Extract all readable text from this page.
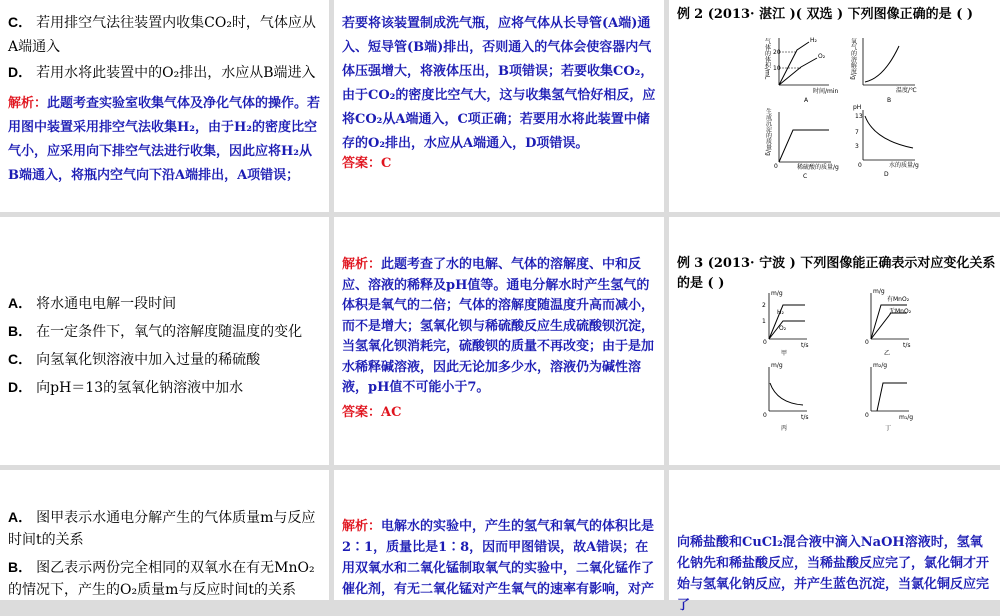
C． 若用排空气法往装置内收集CO₂时，气体应从A端通入
D． 若用水将此装置中的O₂排出，水应从B端进入
解析：此题考查实验室收集气体及净化气体的操作。若用图中装置采用排空气法收集H₂，由于H₂的密度比空气小，应采用向下排空气法进行收集，因此应将H₂从B端通入，将瓶内空气向下沿A端排出，A项错误；
若要将该装置制成洗气瓶，应将气体从长导管(A端)通入、短导管(B端)排出，否则通入的气体会使容器内气体压强增大，将液体压出，B项错误；若要收集CO₂，由于CO₂的密度比空气大，这与收集氢气恰好相反，应将CO₂从A端通入，C项正确；若要用水将此装置中储存的O₂排出，水应从A端通入，D项错误。
答案：C
例 2 (2013· 湛江 )( 双选 ) 下列图像正确的是 ( )
气体的体积/mL 20
10
H₂
O₂
时间/min
A
氧气的溶解度/g
温度/℃
B
生成沉淀的质量/g
0	稀硫酸的质量/g
C
pH
13
7
3
0	水的质量/g
D
A． 将水通电电解一段时间
B． 在一定条件下，氧气的溶解度随温度的变化
C． 向氢氧化钡溶液中加入过量的稀硫酸
D． 向pH＝13的氢氧化钠溶液中加水
解析：此题考查了水的电解、气体的溶解度、中和反应、溶液的稀释及pH值等。通电分解水时产生氢气的体积是氧气的二倍；气体的溶解度随温度升高而减小，而不是增大；氢氧化钡与稀硫酸反应生成硫酸钡沉淀，当氢氧化钡消耗完，硫酸钡的质量不再改变；由于是加水稀释碱溶液，因此无论加多少水，溶液仍为碱性溶液，pH值不可能小于7。
答案：AC
例 3 (2013· 宁波 ) 下列图像能正确表示对应变化关系的是 ( )
m/g
2
1
H₂
O₂
0	t/s
甲
m/g
有MnO₂
无MnO₂
0	t/s
乙
m/g
0	t/s
丙
m₂/g
0	m₁/g
丁
A． 图甲表示水通电分解产生的气体质量m与反应时间t的关系
B． 图乙表示两份完全相同的双氧水在有无MnO₂的情况下，产生的O₂质量m与反应时间t的关系
解析：电解水的实验中，产生的氢气和氧气的体积比是2∶1，质量比是1∶8，因而甲图错误，故A错误；在用双氧水和二氧化锰制取氧气的实验中，二氧化锰作了催化剂，有无二氧化锰对产生氧气的速率有影响，对产
向稀盐酸和CuCl₂混合液中滴入NaOH溶液时，氢氧化钠先和稀盐酸反应，当稀盐酸反应完了，氯化铜才开始与氢氧化钠反应，并产生蓝色沉淀，当氯化铜反应完了
